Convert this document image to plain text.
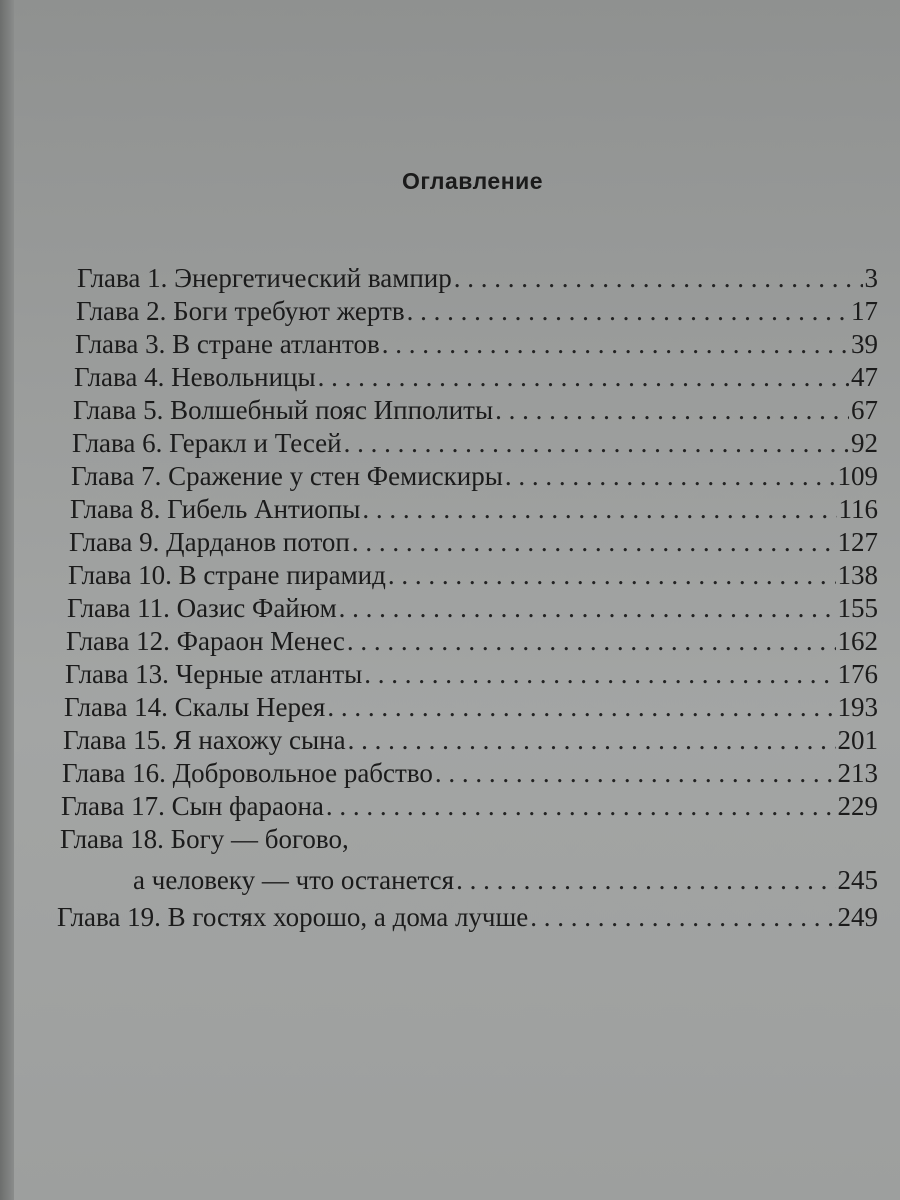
Оглавление
Глава 1. Энергетический вампир . . .	3
Глава 2. Боги требуют жертв . . .	17
Глава 3. В стране атлантов . . .	39
Глава 4. Невольницы . . .	47
Глава 5. Волшебный пояс Ипполиты . . .	67
Глава 6. Геракл и Тесей . . .	92
Глава 7. Сражение у стен Фемискиры . . .	109
Глава 8. Гибель Антиопы . . .	116
Глава 9. Дарданов потоп . . .	127
Глава 10. В стране пирамид . . .	138
Глава 11. Оазис Файюм . . .	155
Глава 12. Фараон Менес . . .	162
Глава 13. Черные атланты . . .	176
Глава 14. Скалы Нерея . . .	193
Глава 15. Я нахожу сына . . .	201
Глава 16. Добровольное рабство . . .	213
Глава 17. Сын фараона . . .	229
Глава 18. Богу — богово,
а человеку — что останется . . .	245
Глава 19. В гостях хорошо, а дома лучше . . .	249
